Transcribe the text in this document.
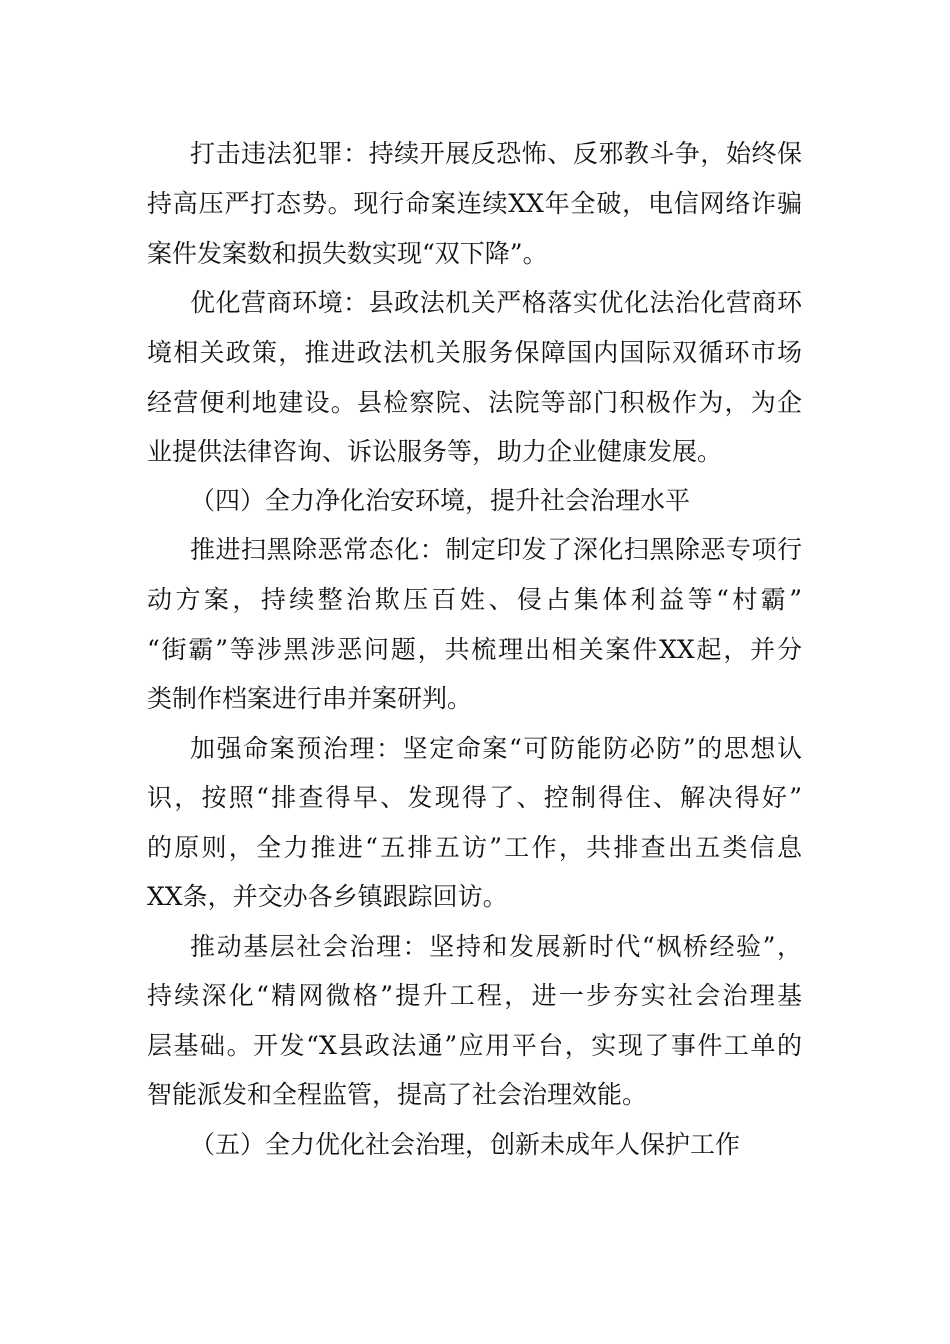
打击违法犯罪：持续开展反恐怖、反邪教斗争，始终保
持高压严打态势。现行命案连续XX年全破，电信网络诈骗
案件发案数和损失数实现“双下降”。
优化营商环境：县政法机关严格落实优化法治化营商环
境相关政策，推进政法机关服务保障国内国际双循环市场
经营便利地建设。县检察院、法院等部门积极作为，为企
业提供法律咨询、诉讼服务等，助力企业健康发展。
（四）全力净化治安环境，提升社会治理水平
推进扫黑除恶常态化：制定印发了深化扫黑除恶专项行
动方案，持续整治欺压百姓、侵占集体利益等“村霸”
“街霸”等涉黑涉恶问题，共梳理出相关案件XX起，并分
类制作档案进行串并案研判。
加强命案预治理：坚定命案“可防能防必防”的思想认
识，按照“排查得早、发现得了、控制得住、解决得好”
的原则，全力推进“五排五访”工作，共排查出五类信息
XX条，并交办各乡镇跟踪回访。
推动基层社会治理：坚持和发展新时代“枫桥经验”，
持续深化“精网微格”提升工程，进一步夯实社会治理基
层基础。开发“X县政法通”应用平台，实现了事件工单的
智能派发和全程监管，提高了社会治理效能。
（五）全力优化社会治理，创新未成年人保护工作
